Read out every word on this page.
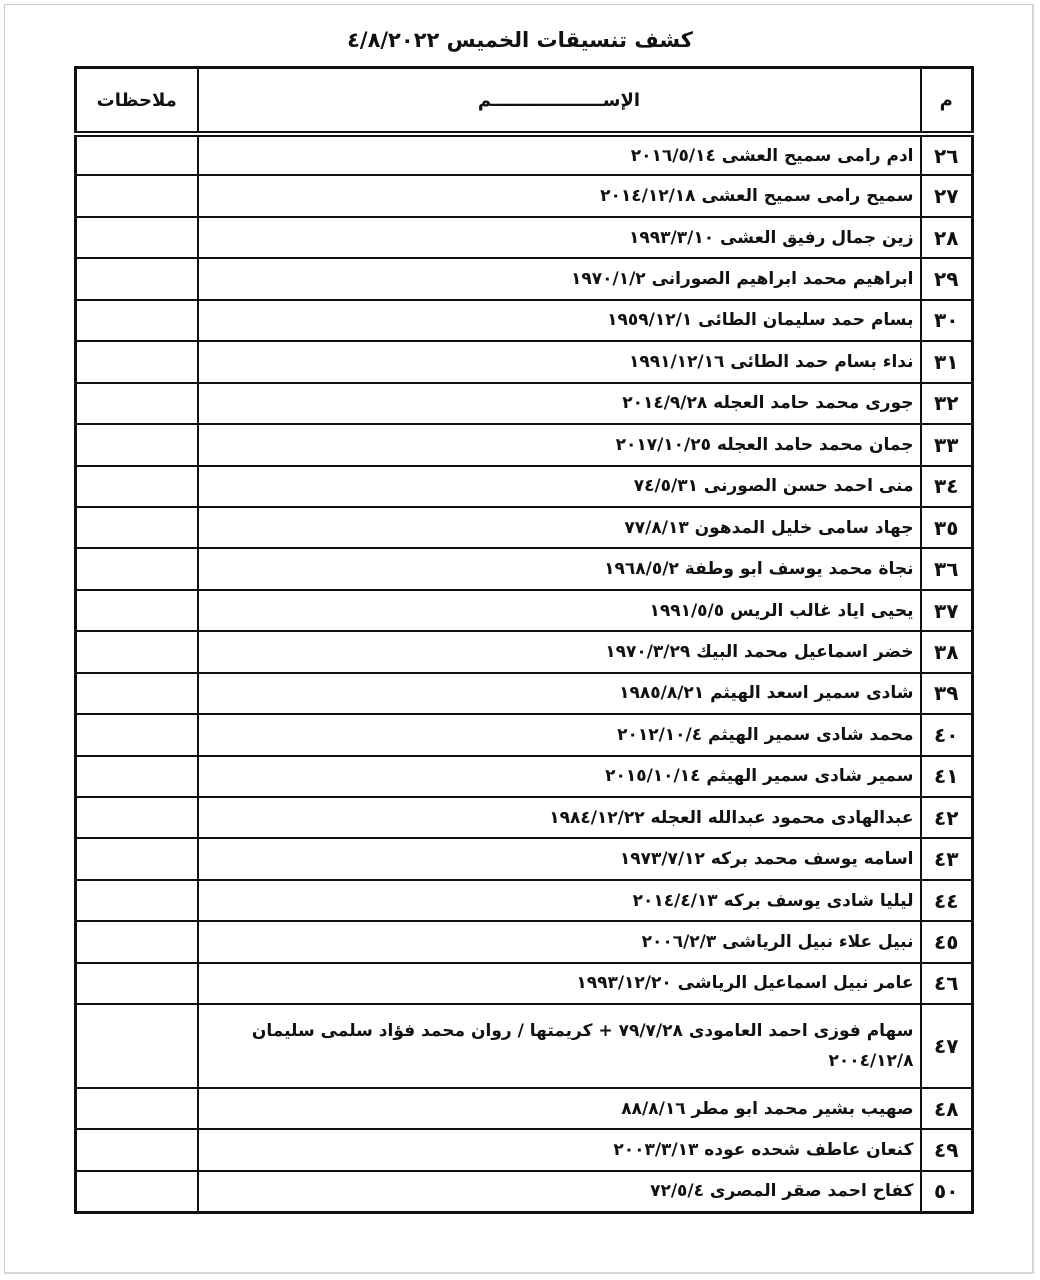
كشف تنسيقات الخميس ٤/٨/٢٠٢٢
م	الإســــــــــــــــــم	ملاحظات
٢٦	ادم رامى سميح العشى ٢٠١٦/٥/١٤	
٢٧	سميح رامى سميح العشى ٢٠١٤/١٢/١٨	
٢٨	زين جمال رفيق العشى ١٩٩٣/٣/١٠	
٢٩	ابراهيم محمد ابراهيم الصورانى ١٩٧٠/١/٢	
٣٠	بسام حمد سليمان الطائى ١٩٥٩/١٢/١	
٣١	نداء بسام حمد الطائى ١٩٩١/١٢/١٦	
٣٢	جورى محمد حامد العجله ٢٠١٤/٩/٢٨	
٣٣	جمان محمد حامد العجله ٢٠١٧/١٠/٢٥	
٣٤	منى احمد حسن الصورنى ٧٤/٥/٣١	
٣٥	جهاد سامى خليل المدهون ٧٧/٨/١٣	
٣٦	نجاة محمد يوسف ابو وطفة ١٩٦٨/٥/٢	
٣٧	يحيى اياد غالب الريس ١٩٩١/٥/٥	
٣٨	خضر اسماعيل محمد البيك ١٩٧٠/٣/٢٩	
٣٩	شادى سمير اسعد الهيثم ١٩٨٥/٨/٢١	
٤٠	محمد شادى سمير الهيثم ٢٠١٢/١٠/٤	
٤١	سمير شادى سمير الهيثم ٢٠١٥/١٠/١٤	
٤٢	عبدالهادى محمود عبدالله العجله ١٩٨٤/١٢/٢٢	
٤٣	اسامه يوسف محمد بركه ١٩٧٣/٧/١٢	
٤٤	ليليا شادى يوسف بركه ٢٠١٤/٤/١٣	
٤٥	نبيل علاء نبيل الرياشى ٢٠٠٦/٢/٣	
٤٦	عامر نبيل اسماعيل الرياشى ١٩٩٣/١٢/٢٠	
٤٧	سهام فوزى احمد العامودى ٧٩/٧/٢٨ + كريمتها / روان محمد فؤاد سلمى سليمان ٢٠٠٤/١٢/٨	
٤٨	صهيب بشير محمد ابو مطر ٨٨/٨/١٦	
٤٩	كنعان عاطف شحده عوده ٢٠٠٣/٣/١٣	
٥٠	كفاح احمد صقر المصرى ٧٢/٥/٤	
